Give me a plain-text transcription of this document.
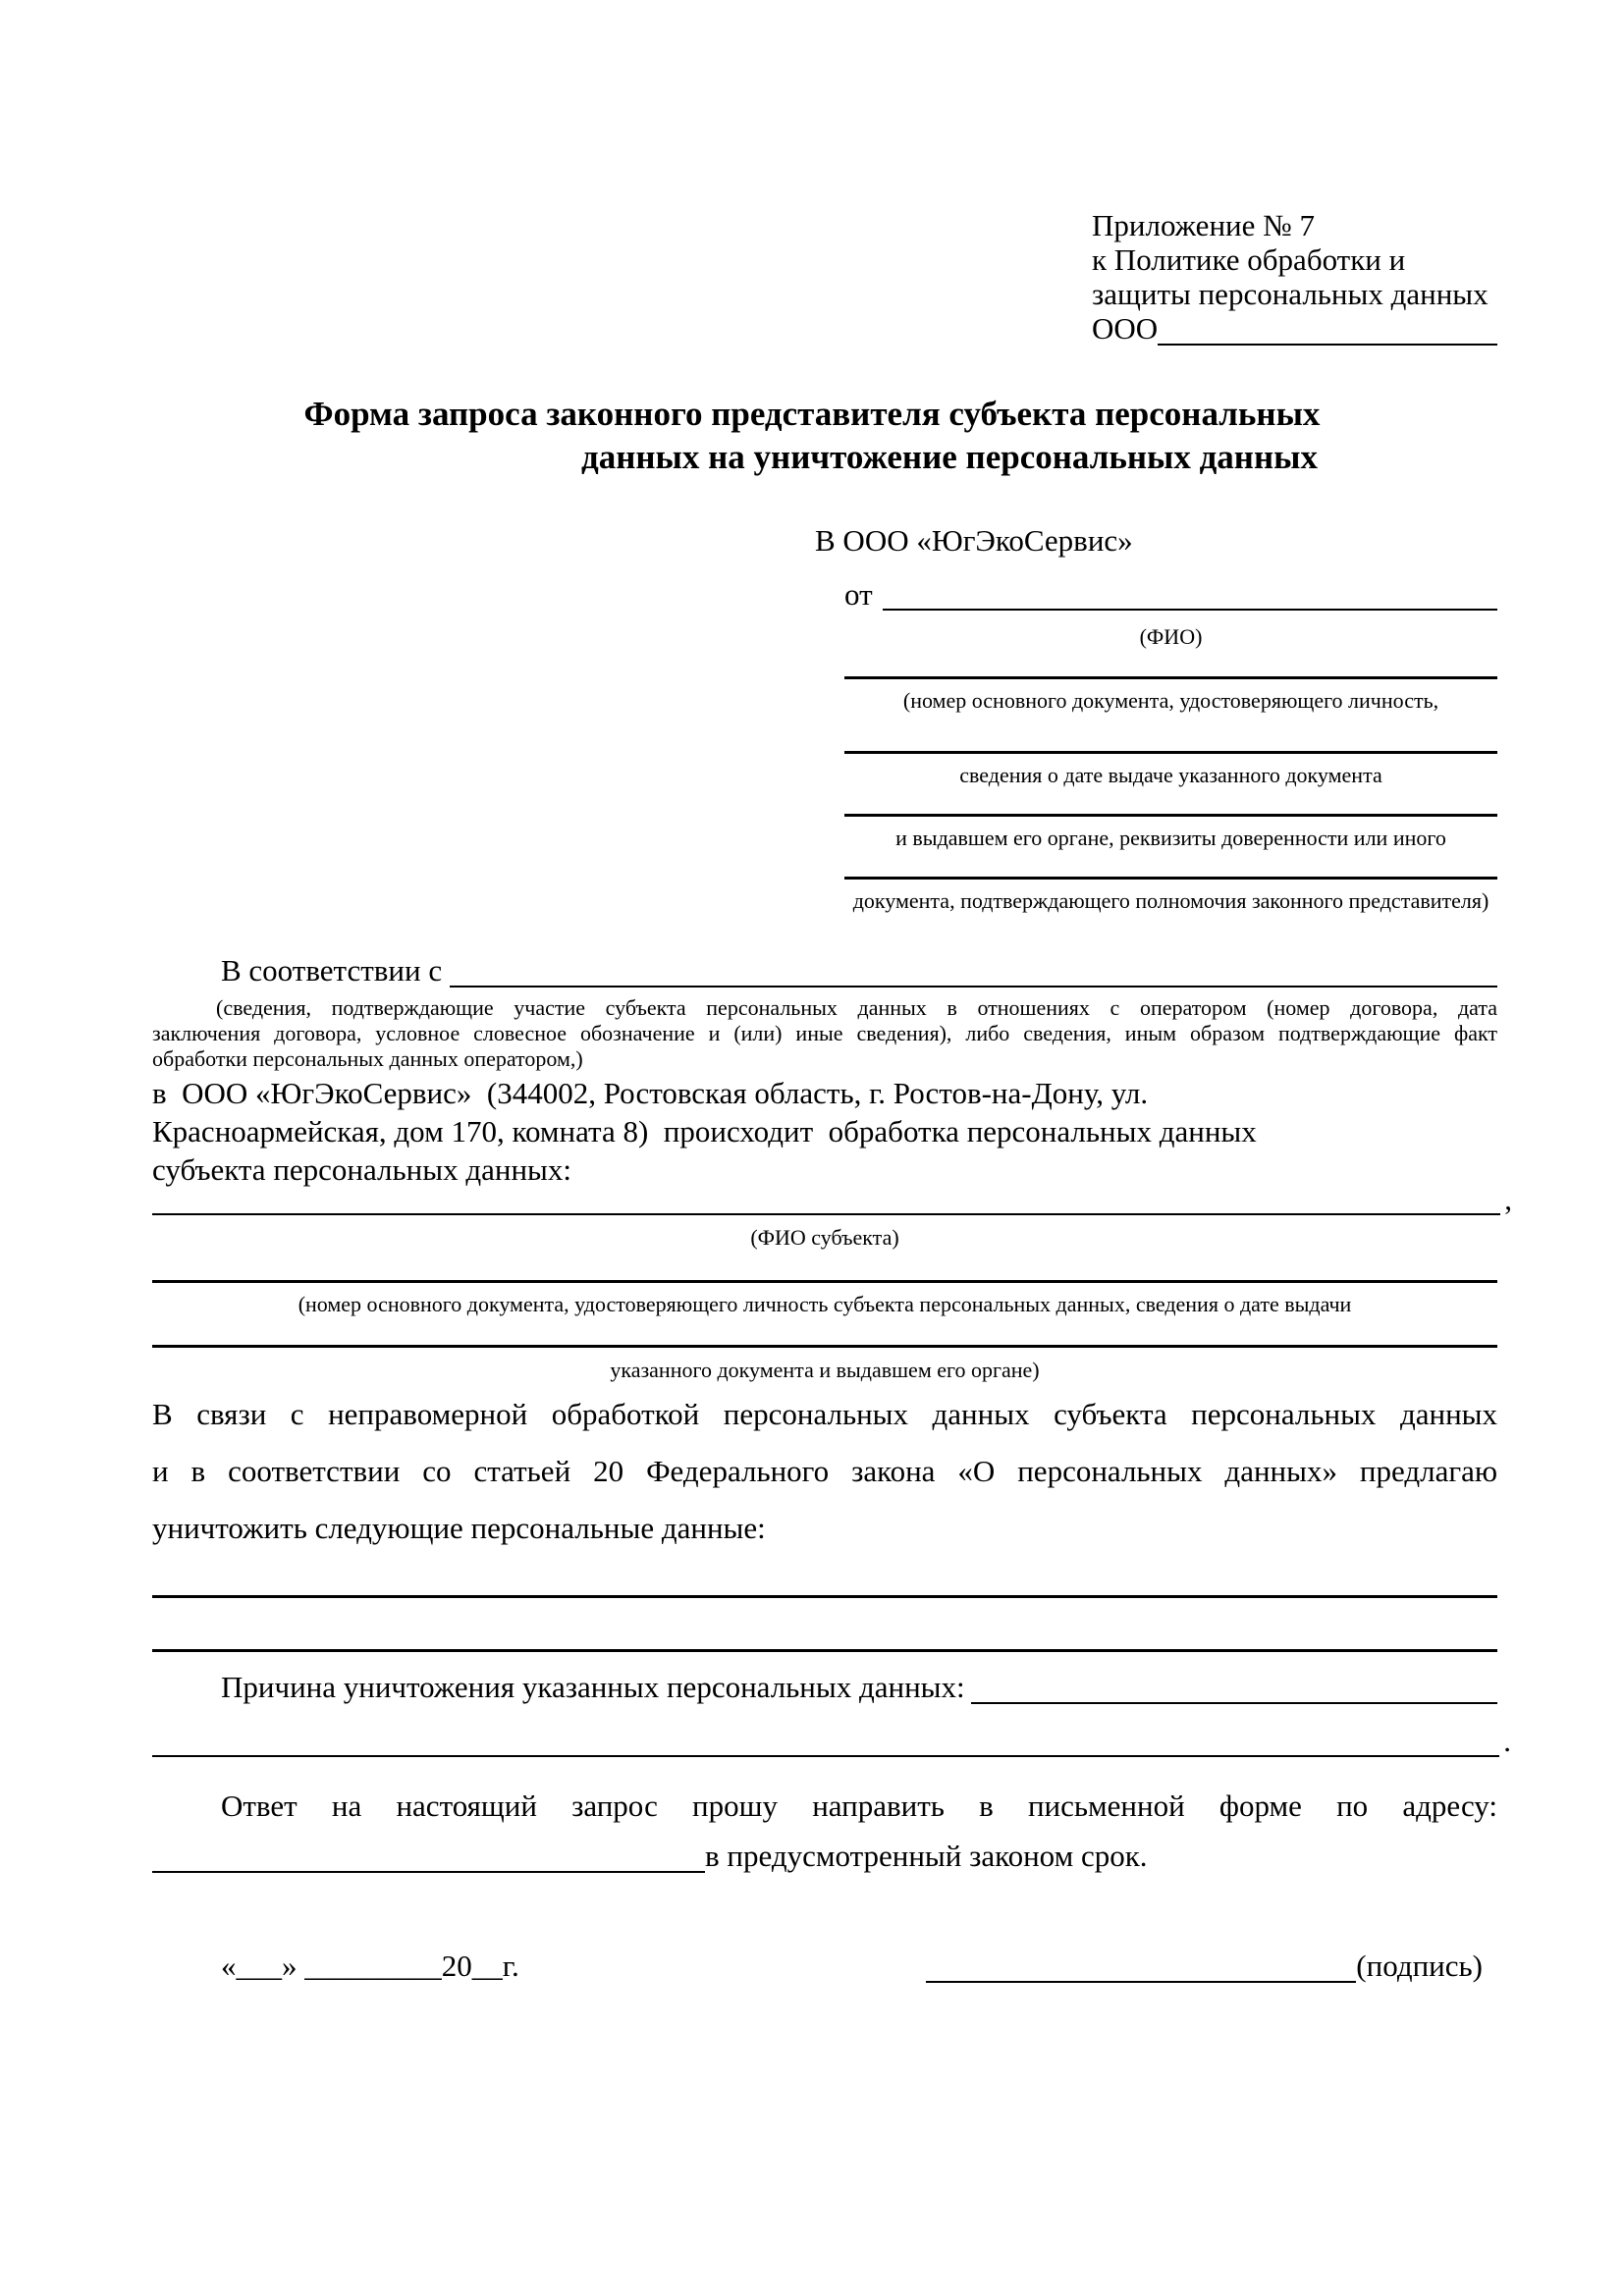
Приложение № 7
к Политике обработки и
защиты персональных данных
ООО
Форма запроса законного представителя субъекта персональных
данных на уничтожение персональных данных
В ООО «ЮгЭкоСервис»
от
(ФИО)
(номер основного документа, удостоверяющего личность,
сведения о дате выдаче указанного документа
и выдавшем его органе, реквизиты доверенности или иного
документа, подтверждающего полномочия законного представителя)
В соответствии с
(сведения, подтверждающие участие субъекта персональных данных в отношениях с оператором (номер договора, дата
заключения договора, условное словесное обозначение и (или) иные сведения), либо сведения, иным образом подтверждающие факт
обработки персональных данных оператором,)
в  ООО «ЮгЭкоСервис»  (344002, Ростовская область, г. Ростов-на-Дону, ул.
Красноармейская, дом 170, комната 8)  происходит  обработка персональных данных
субъекта персональных данных:
,
(ФИО субъекта)
(номер основного документа, удостоверяющего личность субъекта персональных данных, сведения о дате выдачи
указанного документа и выдавшем его органе)
В связи с неправомерной обработкой персональных данных субъекта персональных данных
и в соответствии со статьей 20 Федерального закона «О персональных данных» предлагаю
уничтожить следующие персональные данные:
Причина уничтожения указанных персональных данных:
.
Ответ на настоящий запрос прошу направить в письменной форме по адресу:
в предусмотренный законом срок.
«___» _________20__г.	(подпись)
